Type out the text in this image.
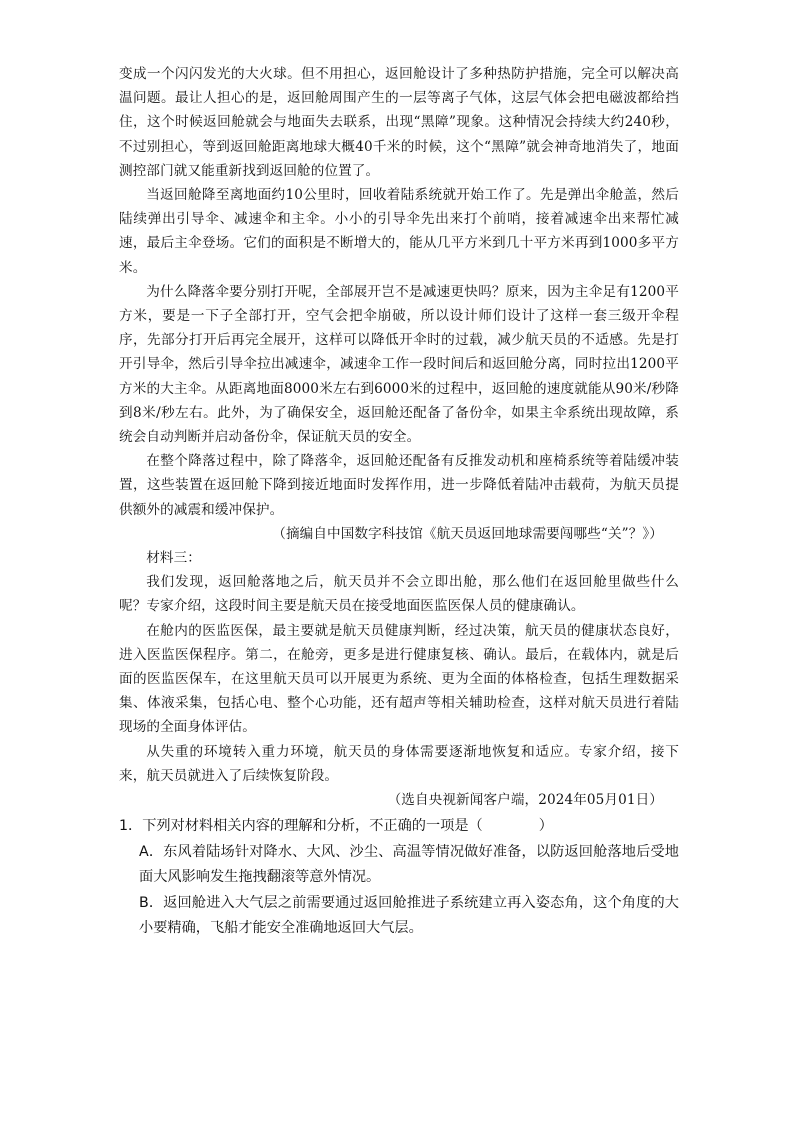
变成一个闪闪发光的大火球。但不用担心，返回舱设计了多种热防护措施，完全可以解决高温问题。最让人担心的是，返回舱周围产生的一层等离子气体，这层气体会把电磁波都给挡住，这个时候返回舱就会与地面失去联系，出现“黑障”现象。这种情况会持续大约240秒，不过别担心，等到返回舱距离地球大概40千米的时候，这个“黑障”就会神奇地消失了，地面测控部门就又能重新找到返回舱的位置了。

当返回舱降至离地面约10公里时，回收着陆系统就开始工作了。先是弹出伞舱盖，然后陆续弹出引导伞、减速伞和主伞。小小的引导伞先出来打个前哨，接着减速伞出来帮忙减速，最后主伞登场。它们的面积是不断增大的，能从几平方米到几十平方米再到1000多平方米。

为什么降落伞要分别打开呢，全部展开岂不是减速更快吗？原来，因为主伞足有1200平方米，要是一下子全部打开，空气会把伞崩破，所以设计师们设计了这样一套三级开伞程序，先部分打开后再完全展开，这样可以降低开伞时的过载，减少航天员的不适感。先是打开引导伞，然后引导伞拉出减速伞，减速伞工作一段时间后和返回舱分离，同时拉出1200平方米的大主伞。从距离地面8000米左右到6000米的过程中，返回舱的速度就能从90米/秒降到8米/秒左右。此外，为了确保安全，返回舱还配备了备份伞，如果主伞系统出现故障，系统会自动判断并启动备份伞，保证航天员的安全。

在整个降落过程中，除了降落伞，返回舱还配备有反推发动机和座椅系统等着陆缓冲装置，这些装置在返回舱下降到接近地面时发挥作用，进一步降低着陆冲击载荷，为航天员提供额外的减震和缓冲保护。

（摘编自中国数字科技馆《航天员返回地球需要闯哪些“关”？》）

材料三：

我们发现，返回舱落地之后，航天员并不会立即出舱，那么他们在返回舱里做些什么呢？专家介绍，这段时间主要是航天员在接受地面医监医保人员的健康确认。

在舱内的医监医保，最主要就是航天员健康判断，经过决策，航天员的健康状态良好，进入医监医保程序。第二，在舱旁，更多是进行健康复核、确认。最后，在载体内，就是后面的医监医保车，在这里航天员可以开展更为系统、更为全面的体格检查，包括生理数据采集、体液采集，包括心电、整个心功能，还有超声等相关辅助检查，这样对航天员进行着陆现场的全面身体评估。

从失重的环境转入重力环境，航天员的身体需要逐渐地恢复和适应。专家介绍，接下来，航天员就进入了后续恢复阶段。

（选自央视新闻客户端，2024年05月01日）

1．下列对材料相关内容的理解和分析，不正确的一项是（	）

A．东风着陆场针对降水、大风、沙尘、高温等情况做好准备，以防返回舱落地后受地面大风影响发生拖拽翻滚等意外情况。

B．返回舱进入大气层之前需要通过返回舱推进子系统建立再入姿态角，这个角度的大小要精确，飞船才能安全准确地返回大气层。
